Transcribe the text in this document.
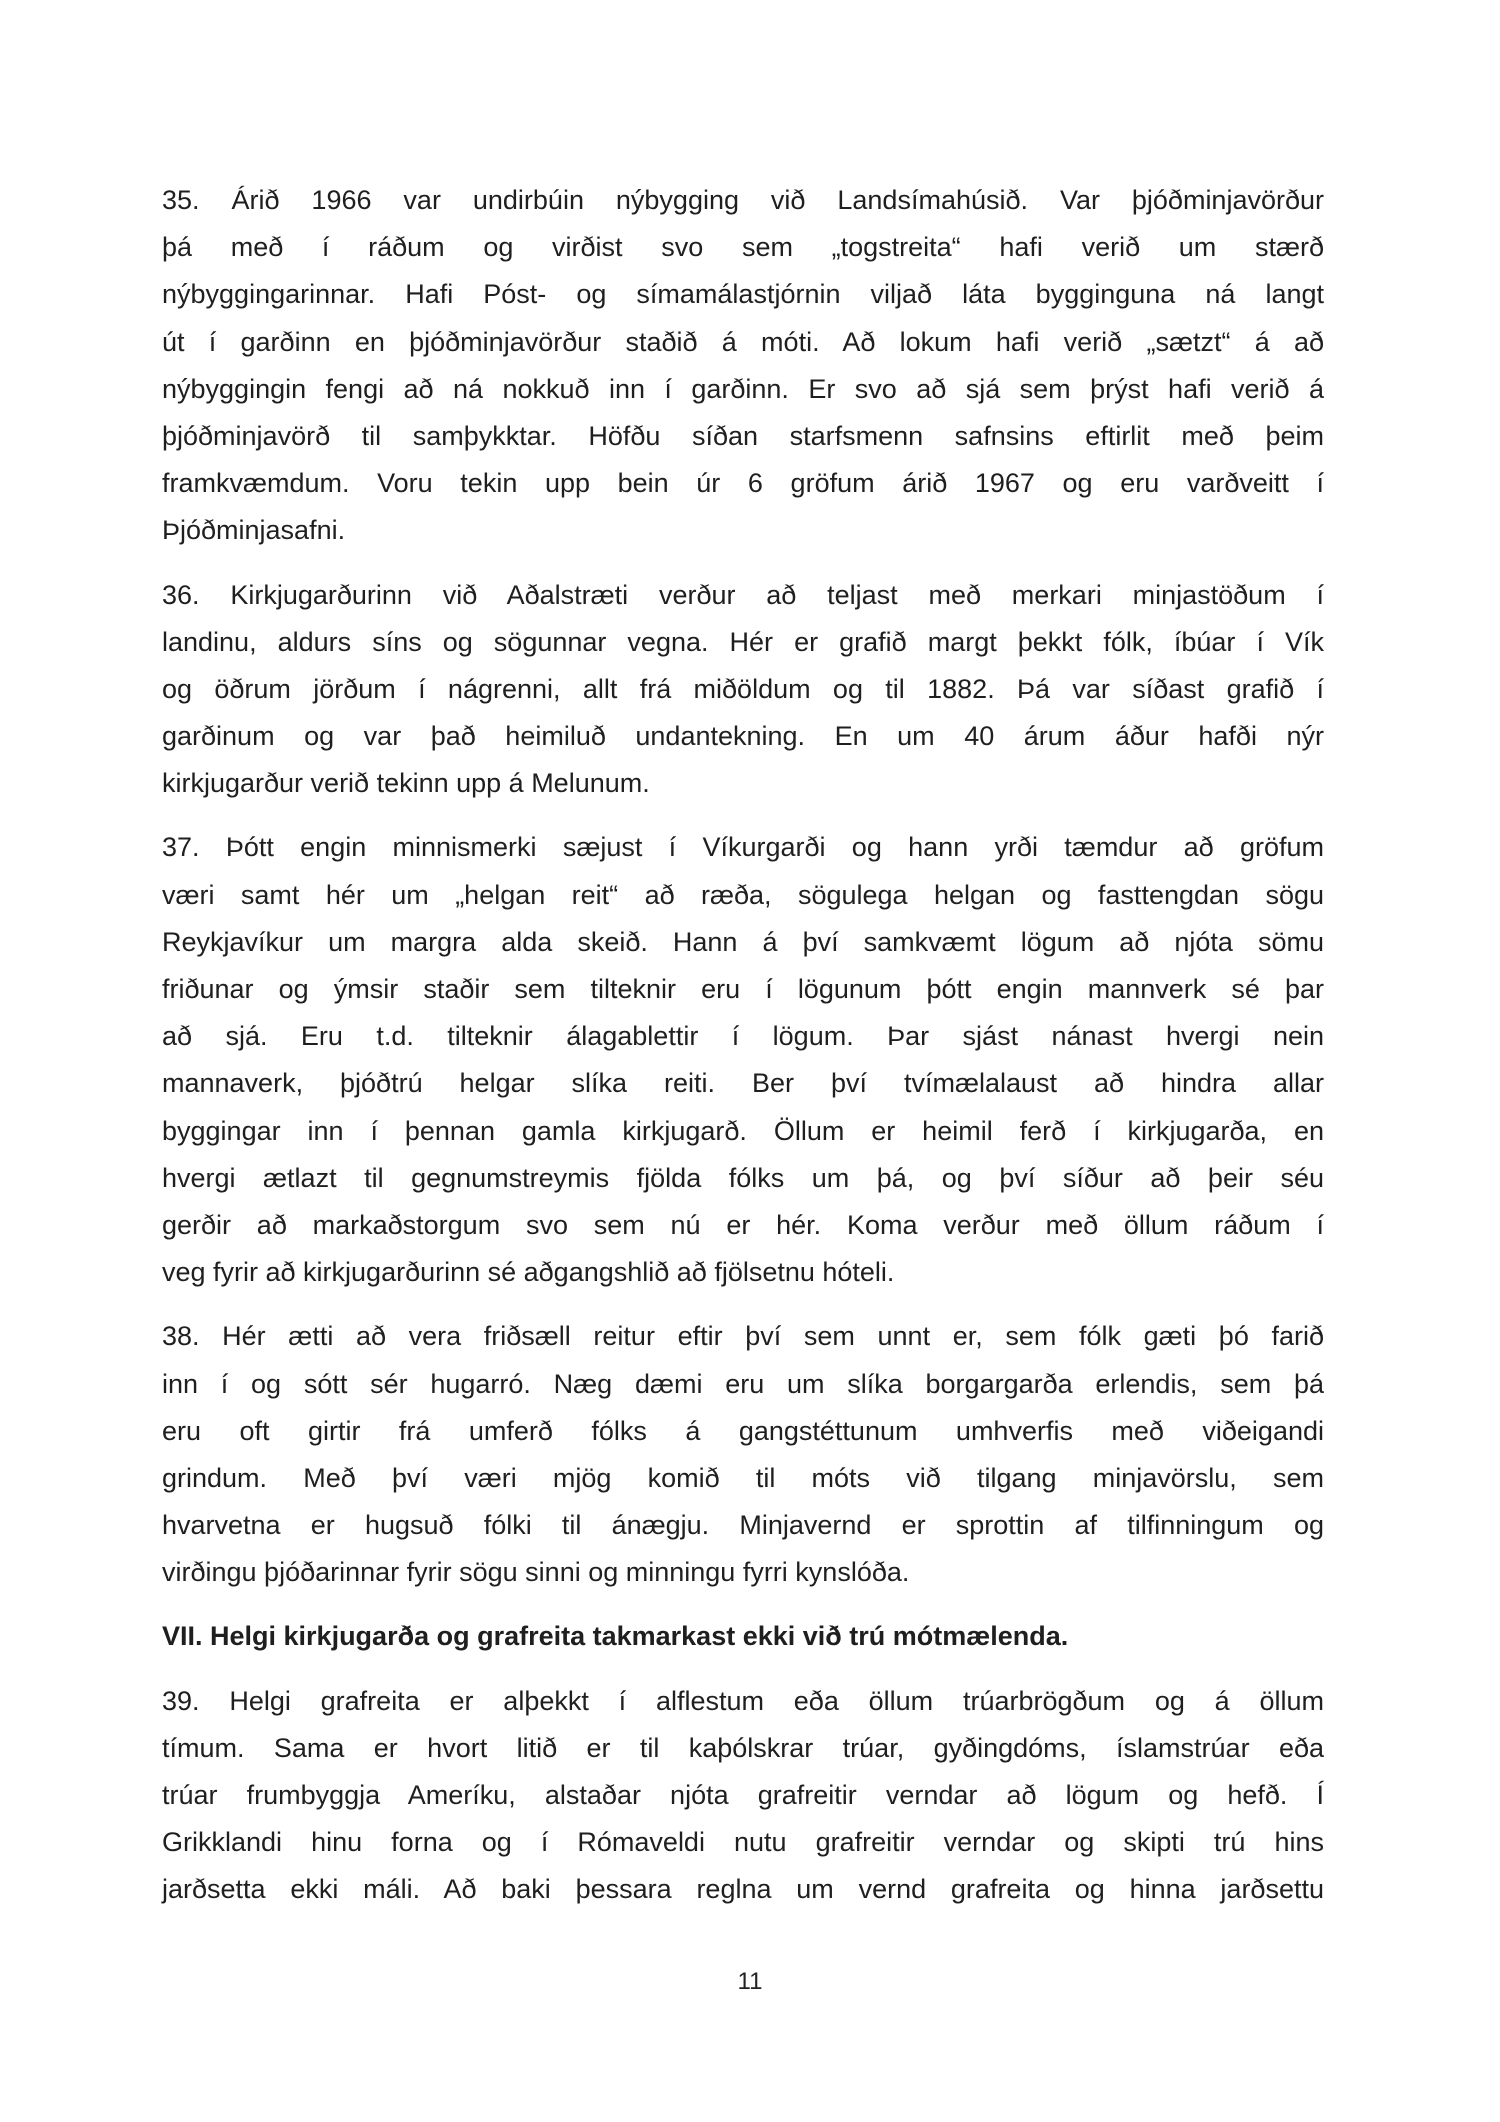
35. Árið 1966 var undirbúin nýbygging við Landsímahúsið. Var þjóðminjavörður
þá með í ráðum og virðist svo sem „togstreita“ hafi verið um stærð
nýbyggingarinnar. Hafi Póst- og símamálastjórnin viljað láta bygginguna ná langt
út í garðinn en þjóðminjavörður staðið á móti. Að lokum hafi verið „sætzt“ á að
nýbyggingin fengi að ná nokkuð inn í garðinn. Er svo að sjá sem þrýst hafi verið á
þjóðminjavörð til samþykktar. Höfðu síðan starfsmenn safnsins eftirlit með þeim
framkvæmdum. Voru tekin upp bein úr 6 gröfum árið 1967 og eru varðveitt í
Þjóðminjasafni.
36. Kirkjugarðurinn við Aðalstræti verður að teljast með merkari minjastöðum í
landinu, aldurs síns og sögunnar vegna. Hér er grafið margt þekkt fólk, íbúar í Vík
og öðrum jörðum í nágrenni, allt frá miðöldum og til 1882. Þá var síðast grafið í
garðinum og var það heimiluð undantekning. En um 40 árum áður hafði nýr
kirkjugarður verið tekinn upp á Melunum.
37. Þótt engin minnismerki sæjust í Víkurgarði og hann yrði tæmdur að gröfum
væri samt hér um „helgan reit“ að ræða, sögulega helgan og fasttengdan sögu
Reykjavíkur um margra alda skeið. Hann á því samkvæmt lögum að njóta sömu
friðunar og ýmsir staðir sem tilteknir eru í lögunum þótt engin mannverk sé þar
að sjá. Eru t.d. tilteknir álagablettir í lögum. Þar sjást nánast hvergi nein
mannaverk, þjóðtrú helgar slíka reiti. Ber því tvímælalaust að hindra allar
byggingar inn í þennan gamla kirkjugarð. Öllum er heimil ferð í kirkjugarða, en
hvergi ætlazt til gegnumstreymis fjölda fólks um þá, og því síður að þeir séu
gerðir að markaðstorgum svo sem nú er hér. Koma verður með öllum ráðum í
veg fyrir að kirkjugarðurinn sé aðgangshlið að fjölsetnu hóteli.
38. Hér ætti að vera friðsæll reitur eftir því sem unnt er, sem fólk gæti þó farið
inn í og sótt sér hugarró. Næg dæmi eru um slíka borgargarða erlendis, sem þá
eru oft girtir frá umferð fólks á gangstéttunum umhverfis með viðeigandi
grindum. Með því væri mjög komið til móts við tilgang minjavörslu, sem
hvarvetna er hugsuð fólki til ánægju. Minjavernd er sprottin af tilfinningum og
virðingu þjóðarinnar fyrir sögu sinni og minningu fyrri kynslóða.
VII. Helgi kirkjugarða og grafreita takmarkast ekki við trú mótmælenda.
39. Helgi grafreita er alþekkt í alflestum eða öllum trúarbrögðum og á öllum
tímum. Sama er hvort litið er til kaþólskrar trúar, gyðingdóms, íslamstrúar eða
trúar frumbyggja Ameríku, alstaðar njóta grafreitir verndar að lögum og hefð. Í
Grikklandi hinu forna og í Rómaveldi nutu grafreitir verndar og skipti trú hins
jarðsetta ekki máli. Að baki þessara reglna um vernd grafreita og hinna jarðsettu
11
